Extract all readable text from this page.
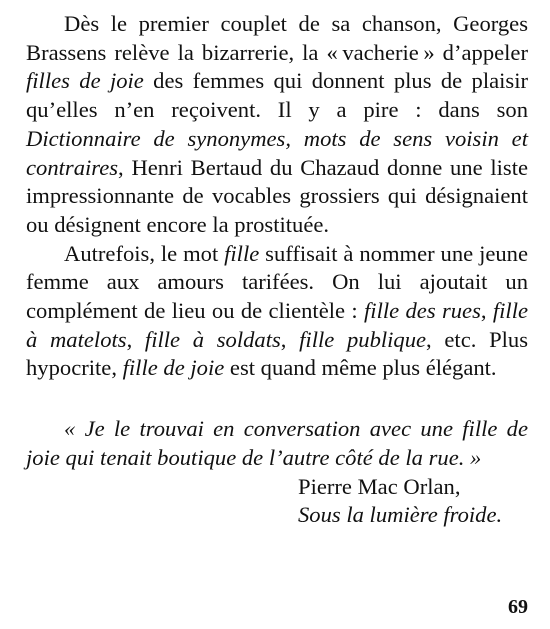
Dès le premier couplet de sa chanson, Georges Brassens relève la bizarrerie, la « vacherie » d’appeler filles de joie des femmes qui donnent plus de plaisir qu’elles n’en reçoivent. Il y a pire : dans son Dictionnaire de synonymes, mots de sens voisin et contraires, Henri Bertaud du Chazaud donne une liste impressionnante de vocables grossiers qui désignaient ou désignent encore la prostituée.

Autrefois, le mot fille suffisait à nommer une jeune femme aux amours tarifées. On lui ajoutait un complément de lieu ou de clientèle : fille des rues, fille à matelots, fille à soldats, fille publique, etc. Plus hypocrite, fille de joie est quand même plus élégant.

« Je le trouvai en conversation avec une fille de joie qui tenait boutique de l’autre côté de la rue. »

Pierre Mac Orlan,

Sous la lumière froide.

69
